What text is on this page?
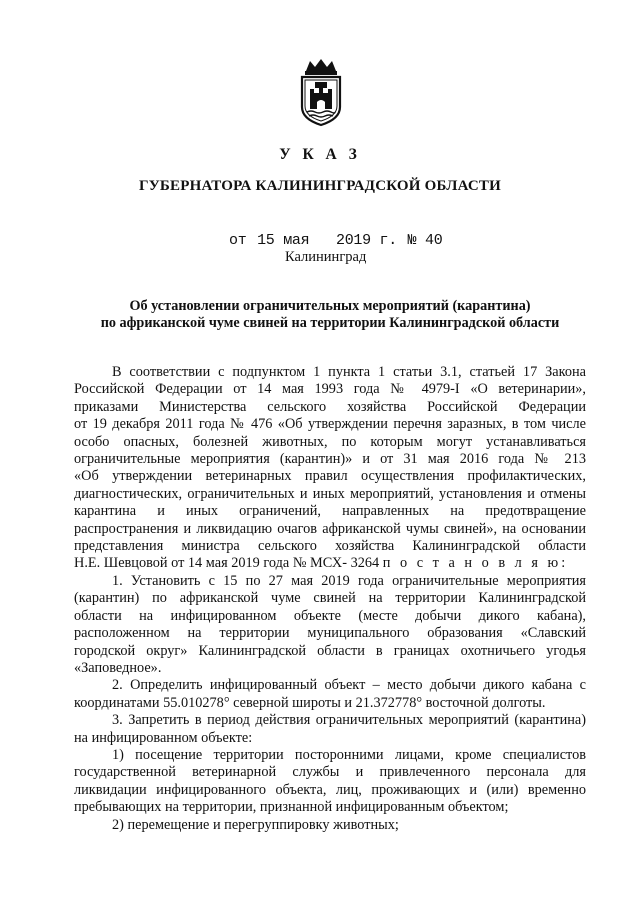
У К А З
ГУБЕРНАТОРА КАЛИНИНГРАДСКОЙ ОБЛАСТИ
от 15 мая 2019 г. № 40
Калининград
Об установлении ограничительных мероприятий (карантина)
по африканской чуме свиней на территории Калининградской области
В соответствии с подпунктом 1 пункта 1 статьи 3.1, статьей 17 Закона
Российской Федерации от 14 мая 1993 года № 4979-I «О ветеринарии»,
приказами Министерства сельского хозяйства Российской Федерации
от 19 декабря 2011 года № 476 «Об утверждении перечня заразных, в том числе
особо опасных, болезней животных, по которым могут устанавливаться
ограничительные мероприятия (карантин)» и от 31 мая 2016 года № 213
«Об утверждении ветеринарных правил осуществления профилактических,
диагностических, ограничительных и иных мероприятий, установления и отмены
карантина и иных ограничений, направленных на предотвращение
распространения и ликвидацию очагов африканской чумы свиней», на основании
представления министра сельского хозяйства Калининградской области
Н.Е. Шевцовой от 14 мая 2019 года № МСХ- 3264 п о с т а н о в л я ю:
1. Установить с 15 по 27 мая 2019 года ограничительные мероприятия
(карантин) по африканской чуме свиней на территории Калининградской
области на инфицированном объекте (месте добычи дикого кабана),
расположенном на территории муниципального образования «Славский
городской округ» Калининградской области в границах охотничьего угодья
«Заповедное».
2. Определить инфицированный объект – место добычи дикого кабана с
координатами 55.010278° северной широты и 21.372778° восточной долготы.
3. Запретить в период действия ограничительных мероприятий (карантина)
на инфицированном объекте:
1) посещение территории посторонними лицами, кроме специалистов
государственной ветеринарной службы и привлеченного персонала для
ликвидации инфицированного объекта, лиц, проживающих и (или) временно
пребывающих на территории, признанной инфицированным объектом;
2) перемещение и перегруппировку животных;
